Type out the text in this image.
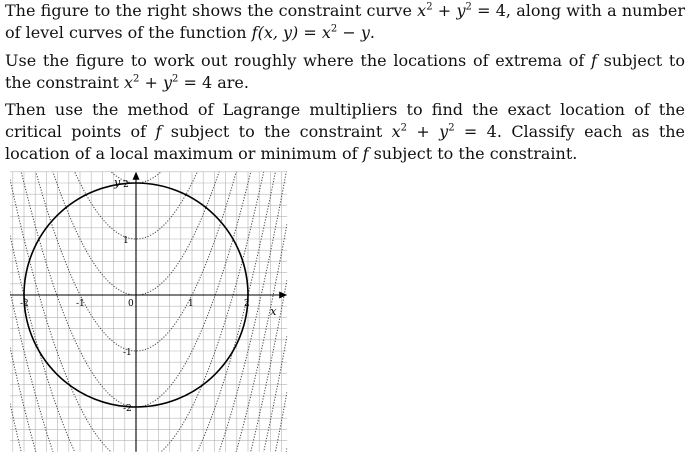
The figure to the right shows the constraint curve $x^2 + y^2 = 4$, along with a number of level curves of the function f(x, $y) = x^2 - y$.

Use the figure to work out roughly where the locations of extrema of f subject to the constraint $x^2 + y^2 = 4$ are.

Then use the method of Lagrange multipliers to find the exact location of the critical points of f subject to the constraint $x^2 + y^2 = 4$. Classify each as the location of a local maximum or minimum of f subject to the constraint.

-2	-1	0	1	2
2
1
-1
-2
x
y
